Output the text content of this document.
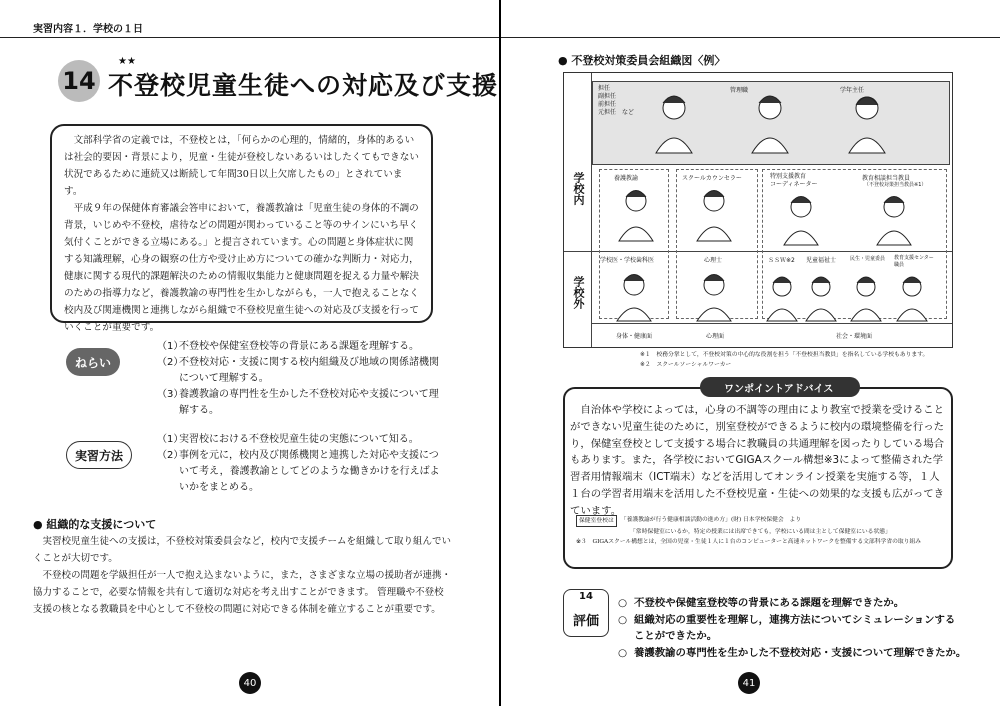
実習内容１．学校の１日
14
★★
不登校児童生徒への対応及び支援

文部科学省の定義では，不登校とは，「何らかの心理的，情緒的，身体的あるいは社会的要因・背景により，児童・生徒が登校しないあるいはしたくてもできない状況であるために連続又は断続して年間30日以上欠席したもの」とされています。

平成９年の保健体育審議会答申において，養護教諭は「児童生徒の身体的不調の背景，いじめや不登校，虐待などの問題が関わっていること等のサインにいち早く気付くことができる立場にある。」と提言されています。心の問題と身体症状に関する知識理解，心身の観察の仕方や受け止め方についての確かな判断力・対応力，健康に関する現代的課題解決のための情報収集能力と健康問題を捉える力量や解決のための指導力など，養護教諭の専門性を生かしながらも，一人で抱えることなく校内及び関連機関と連携しながら組織で不登校児童生徒への対応及び支援を行っていくことが重要です。

ねらい
（1）
不登校や保健室登校等の背景にある課題を理解する。
（2）
不登校対応・支援に関する校内組織及び地域の関係諸機関について理解する。
（3）
養護教諭の専門性を生かした不登校対応や支援について理解する。
実習方法
（1）
実習校における不登校児童生徒の実態について知る。
（2）
事例を元に，校内及び関係機関と連携した対応や支援について考え，養護教諭としてどのような働きかけを行えばよいかをまとめる。
● 組織的な支援について

実習校児童生徒への支援は，不登校対策委員会など，校内で支援チームを組織して取り組んでいくことが大切です。

不登校の問題を学級担任が一人で抱え込まないように，また，さまざまな立場の援助者が連携・協力することで，必要な情報を共有して適切な対応を考え出すことができます。 管理職や不登校支援の核となる教職員を中心として不登校の問題に対応できる体制を確立することが重要です。

40
● 不登校対策委員会組織図〈例〉
学校内
学校外
担任
副担任
前担任
元担任　など
管理職	学年主任
養護教諭	スクールカウンセラー	特別支援教育
コーディネーター
教育相談担当教員
（不登校対策担当教員※1）
学校医・学校歯科医	心理士	ＳＳＷ※2 児童福祉士	民生・児童委員 教育支援センター
職員
身体・健康面	心理面	社会・環境面
※１　校務分掌として，不登校対策の中心的な役割を担う「不登校担当教員」を指名している学校もあります。
※２　スクールソーシャルワーカー
ワンポイントアドバイス

自治体や学校によっては，心身の不調等の理由により教室で授業を受けることができない児童生徒のために，別室登校ができるように校内の環境整備を行ったり，保健室登校として支援する場合に教職員の共通理解を図ったりしている場合もあります。また，各学校においてGIGAスクール構想※3によって整備された学習者用情報端末（ICT端末）などを活用してオンライン授業を実施する等，１人１台の学習者用端末を活用した不登校児童・生徒への効果的な支援も広がってきています。

保健室登校は	「養護教諭が行う健康相談活動の進め方」(財) 日本学校保健会　より
「常時保健室にいるか，特定の授業には出席できても，学校にいる間は主として保健室にいる状態」
※３　GIGAスクール構想とは，全国の児童・生徒１人に１台のコンピューターと高速ネットワークを整備する文部科学省の取り組み
14
評価
○ 不登校や保健室登校等の背景にある課題を理解できたか。
○ 組織対応の重要性を理解し，連携方法についてシミュレーションすることができたか。
○ 養護教諭の専門性を生かした不登校対応・支援について理解できたか。
41
